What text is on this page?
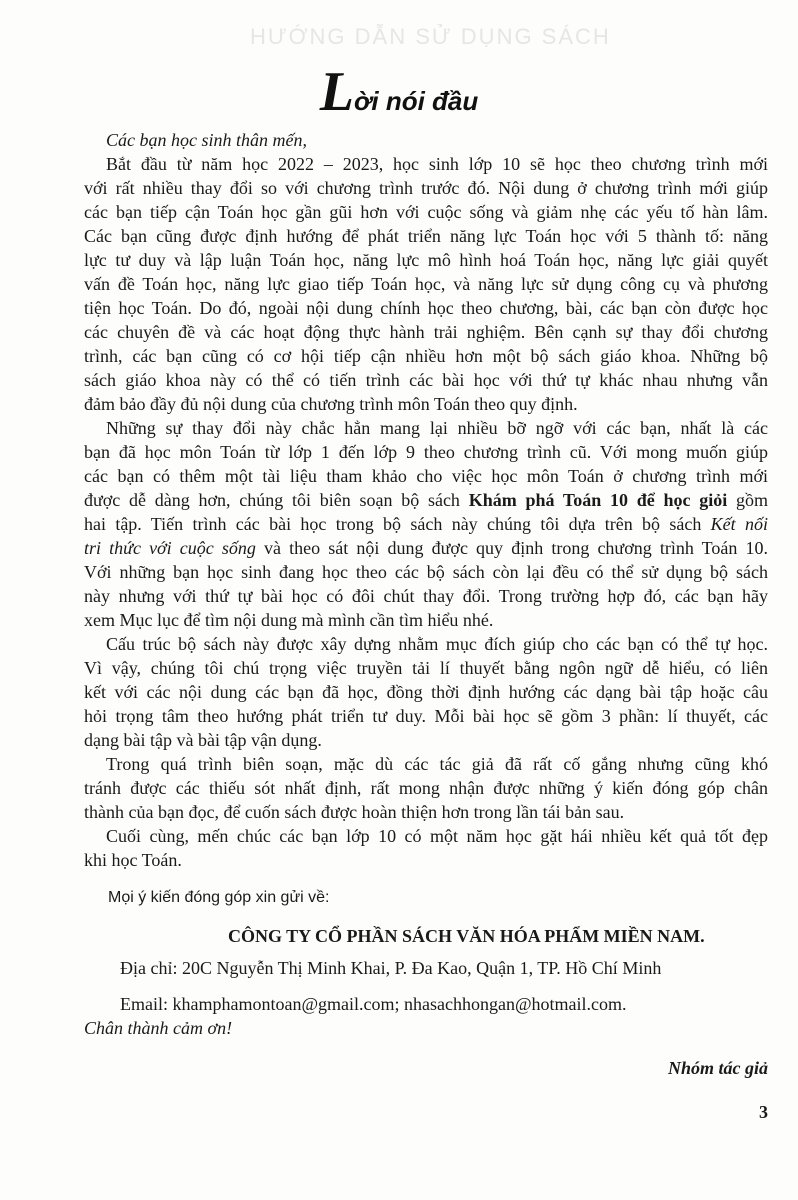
HƯỚNG DẪN SỬ DỤNG SÁCH
Lời nói đầu
Các bạn học sinh thân mến,
Bắt đầu từ năm học 2022 – 2023, học sinh lớp 10 sẽ học theo chương trình mới
với rất nhiều thay đổi so với chương trình trước đó. Nội dung ở chương trình mới giúp
các bạn tiếp cận Toán học gần gũi hơn với cuộc sống và giảm nhẹ các yếu tố hàn lâm.
Các bạn cũng được định hướng để phát triển năng lực Toán học với 5 thành tố: năng
lực tư duy và lập luận Toán học, năng lực mô hình hoá Toán học, năng lực giải quyết
vấn đề Toán học, năng lực giao tiếp Toán học, và năng lực sử dụng công cụ và phương
tiện học Toán. Do đó, ngoài nội dung chính học theo chương, bài, các bạn còn được học
các chuyên đề và các hoạt động thực hành trải nghiệm. Bên cạnh sự thay đổi chương
trình, các bạn cũng có cơ hội tiếp cận nhiều hơn một bộ sách giáo khoa. Những bộ
sách giáo khoa này có thể có tiến trình các bài học với thứ tự khác nhau nhưng vẫn
đảm bảo đầy đủ nội dung của chương trình môn Toán theo quy định.
Những sự thay đổi này chắc hẳn mang lại nhiều bỡ ngỡ với các bạn, nhất là các
bạn đã học môn Toán từ lớp 1 đến lớp 9 theo chương trình cũ. Với mong muốn giúp
các bạn có thêm một tài liệu tham khảo cho việc học môn Toán ở chương trình mới
được dễ dàng hơn, chúng tôi biên soạn bộ sách Khám phá Toán 10 để học giỏi gồm
hai tập. Tiến trình các bài học trong bộ sách này chúng tôi dựa trên bộ sách Kết nối
tri thức với cuộc sống và theo sát nội dung được quy định trong chương trình Toán 10.
Với những bạn học sinh đang học theo các bộ sách còn lại đều có thể sử dụng bộ sách
này nhưng với thứ tự bài học có đôi chút thay đổi. Trong trường hợp đó, các bạn hãy
xem Mục lục để tìm nội dung mà mình cần tìm hiểu nhé.
Cấu trúc bộ sách này được xây dựng nhằm mục đích giúp cho các bạn có thể tự học.
Vì vậy, chúng tôi chú trọng việc truyền tải lí thuyết bằng ngôn ngữ dễ hiểu, có liên
kết với các nội dung các bạn đã học, đồng thời định hướng các dạng bài tập hoặc câu
hỏi trọng tâm theo hướng phát triển tư duy. Mỗi bài học sẽ gồm 3 phần: lí thuyết, các
dạng bài tập và bài tập vận dụng.
Trong quá trình biên soạn, mặc dù các tác giả đã rất cố gắng nhưng cũng khó
tránh được các thiếu sót nhất định, rất mong nhận được những ý kiến đóng góp chân
thành của bạn đọc, để cuốn sách được hoàn thiện hơn trong lần tái bản sau.
Cuối cùng, mến chúc các bạn lớp 10 có một năm học gặt hái nhiều kết quả tốt đẹp
khi học Toán.
Mọi ý kiến đóng góp xin gửi về:
CÔNG TY CỔ PHẦN SÁCH VĂN HÓA PHẨM MIỀN NAM.
Địa chỉ: 20C Nguyễn Thị Minh Khai, P. Đa Kao, Quận 1, TP. Hồ Chí Minh
Email: khamphamontoan@gmail.com; nhasachhongan@hotmail.com.
Chân thành cảm ơn!
Nhóm tác giả
3
